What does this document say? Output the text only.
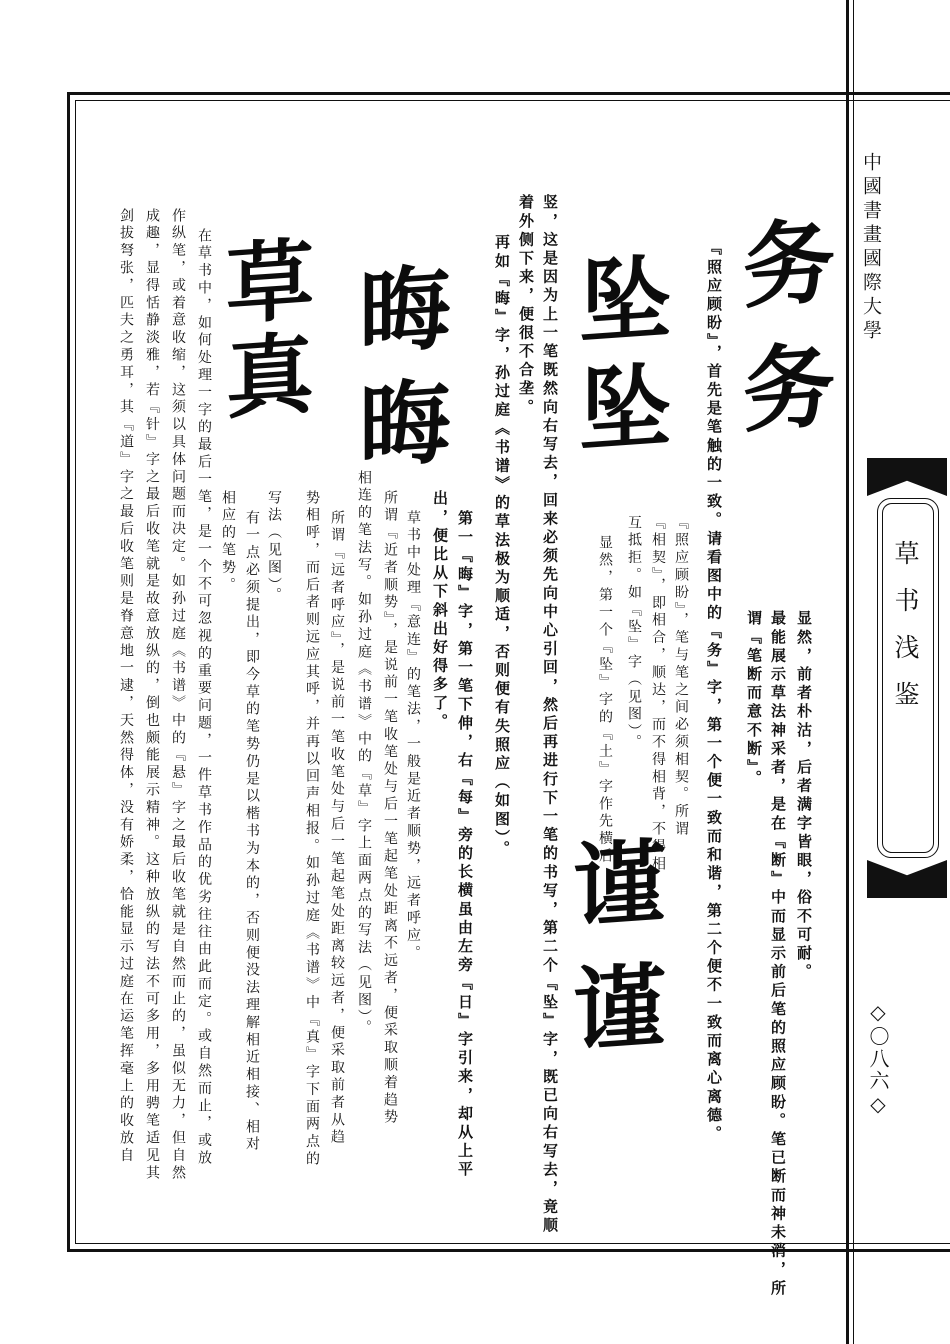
中國書畫國際大學
草书浅鉴
◇〇八六◇
务
务
坠
坠
晦
晦
草真
谨
谨
显然，前者朴沽，后者满字皆眼，俗不可耐。
最能展示草法神采者，是在『断』中而显示前后笔的照应顾盼。笔已断而神未消，所
谓『笔断而意不断』。
『照应顾盼』，首先是笔触的一致。请看图中的『务』字，第一个便一致而和谐，第二个便不一致而离心离德。
『照应顾盼』，笔与笔之间必须相契。所谓
『相契』，即相合，顺达，而不得相背，不得相
互抵拒。如『坠』字（见图）。
显然，第一个『坠』字的『土』字作先横后
竖，这是因为上一笔既然向右写去，回来必须先向中心引回，然后再进行下一笔的书写，第二个『坠』字，既已向右写去，竟顺
着外侧下来，便很不合垄。
再如『晦』字，孙过庭《书谱》的草法极为顺适，否则便有失照应（如图）。
第一『晦』字，第一笔下伸，右『每』旁的长横虽由左旁『日』字引来，却从上平
出，便比从下斜出好得多了。
草书中处理『意连』的笔法，一般是近者顺势，远者呼应。
所谓『近者顺势』，是说前一笔收笔处与后一笔起笔处距离不远者，便采取顺着趋势
相连的笔法写。如孙过庭《书谱》中的『草』字上面两点的写法（见图）。
所谓『远者呼应』，是说前一笔收笔处与后一笔起笔处距离较远者，便采取前者从趋
势相呼，而后者则远应其呼，并再以回声相报。如孙过庭《书谱》中『真』字下面两点的
写法（见图）。
有一点必须提出，即今草的笔势仍是以楷书为本的，否则便没法理解相近相接、相对
相应的笔势。
在草书中，如何处理一字的最后一笔，是一个不可忽视的重要问题，一件草书作品的优劣往往由此而定。或自然而止，或放
作纵笔，或着意收缩，这须以具体问题而决定。如孙过庭《书谱》中的『悬』字之最后收笔就是自然而止的，虽似无力，但自然
成趣，显得恬静淡雅，若『针』字之最后收笔就是故意放纵的，倒也颇能展示精神。这种放纵的写法不可多用，多用骋笔适见其
剑拔弩张，匹夫之勇耳，其『道』字之最后收笔则是脊意地一逮，天然得体，没有娇柔，恰能显示过庭在运笔挥毫上的收放自
